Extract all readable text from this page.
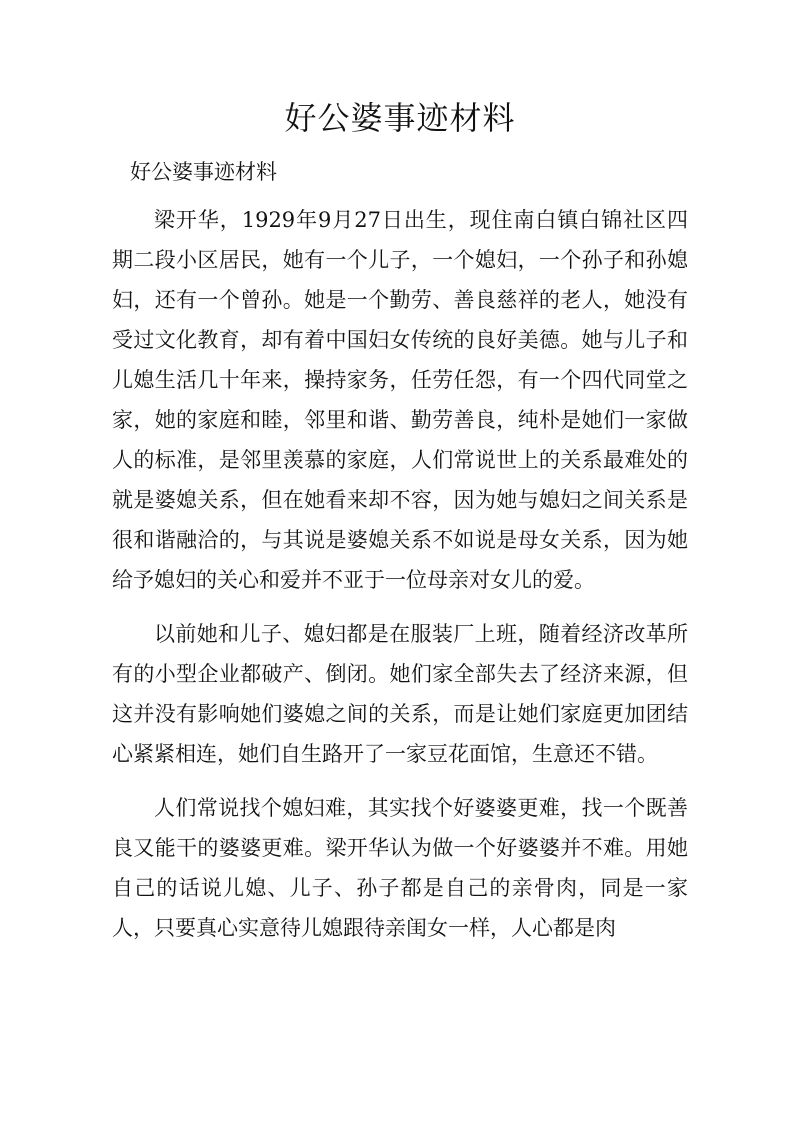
好公婆事迹材料
好公婆事迹材料

梁开华，1929年9月27日出生，现住南白镇白锦社区四期二段小区居民，她有一个儿子，一个媳妇，一个孙子和孙媳妇，还有一个曾孙。她是一个勤劳、善良慈祥的老人，她没有受过文化教育，却有着中国妇女传统的良好美德。她与儿子和儿媳生活几十年来，操持家务，任劳任怨，有一个四代同堂之家，她的家庭和睦，邻里和谐、勤劳善良，纯朴是她们一家做人的标准，是邻里羡慕的家庭，人们常说世上的关系最难处的就是婆媳关系，但在她看来却不容，因为她与媳妇之间关系是很和谐融洽的，与其说是婆媳关系不如说是母女关系，因为她给予媳妇的关心和爱并不亚于一位母亲对女儿的爱。

以前她和儿子、媳妇都是在服装厂上班，随着经济改革所有的小型企业都破产、倒闭。她们家全部失去了经济来源，但这并没有影响她们婆媳之间的关系，而是让她们家庭更加团结心紧紧相连，她们自生路开了一家豆花面馆，生意还不错。

人们常说找个媳妇难，其实找个好婆婆更难，找一个既善良又能干的婆婆更难。梁开华认为做一个好婆婆并不难。用她自己的话说儿媳、儿子、孙子都是自己的亲骨肉，同是一家人，只要真心实意待儿媳跟待亲闺女一样，人心都是肉
